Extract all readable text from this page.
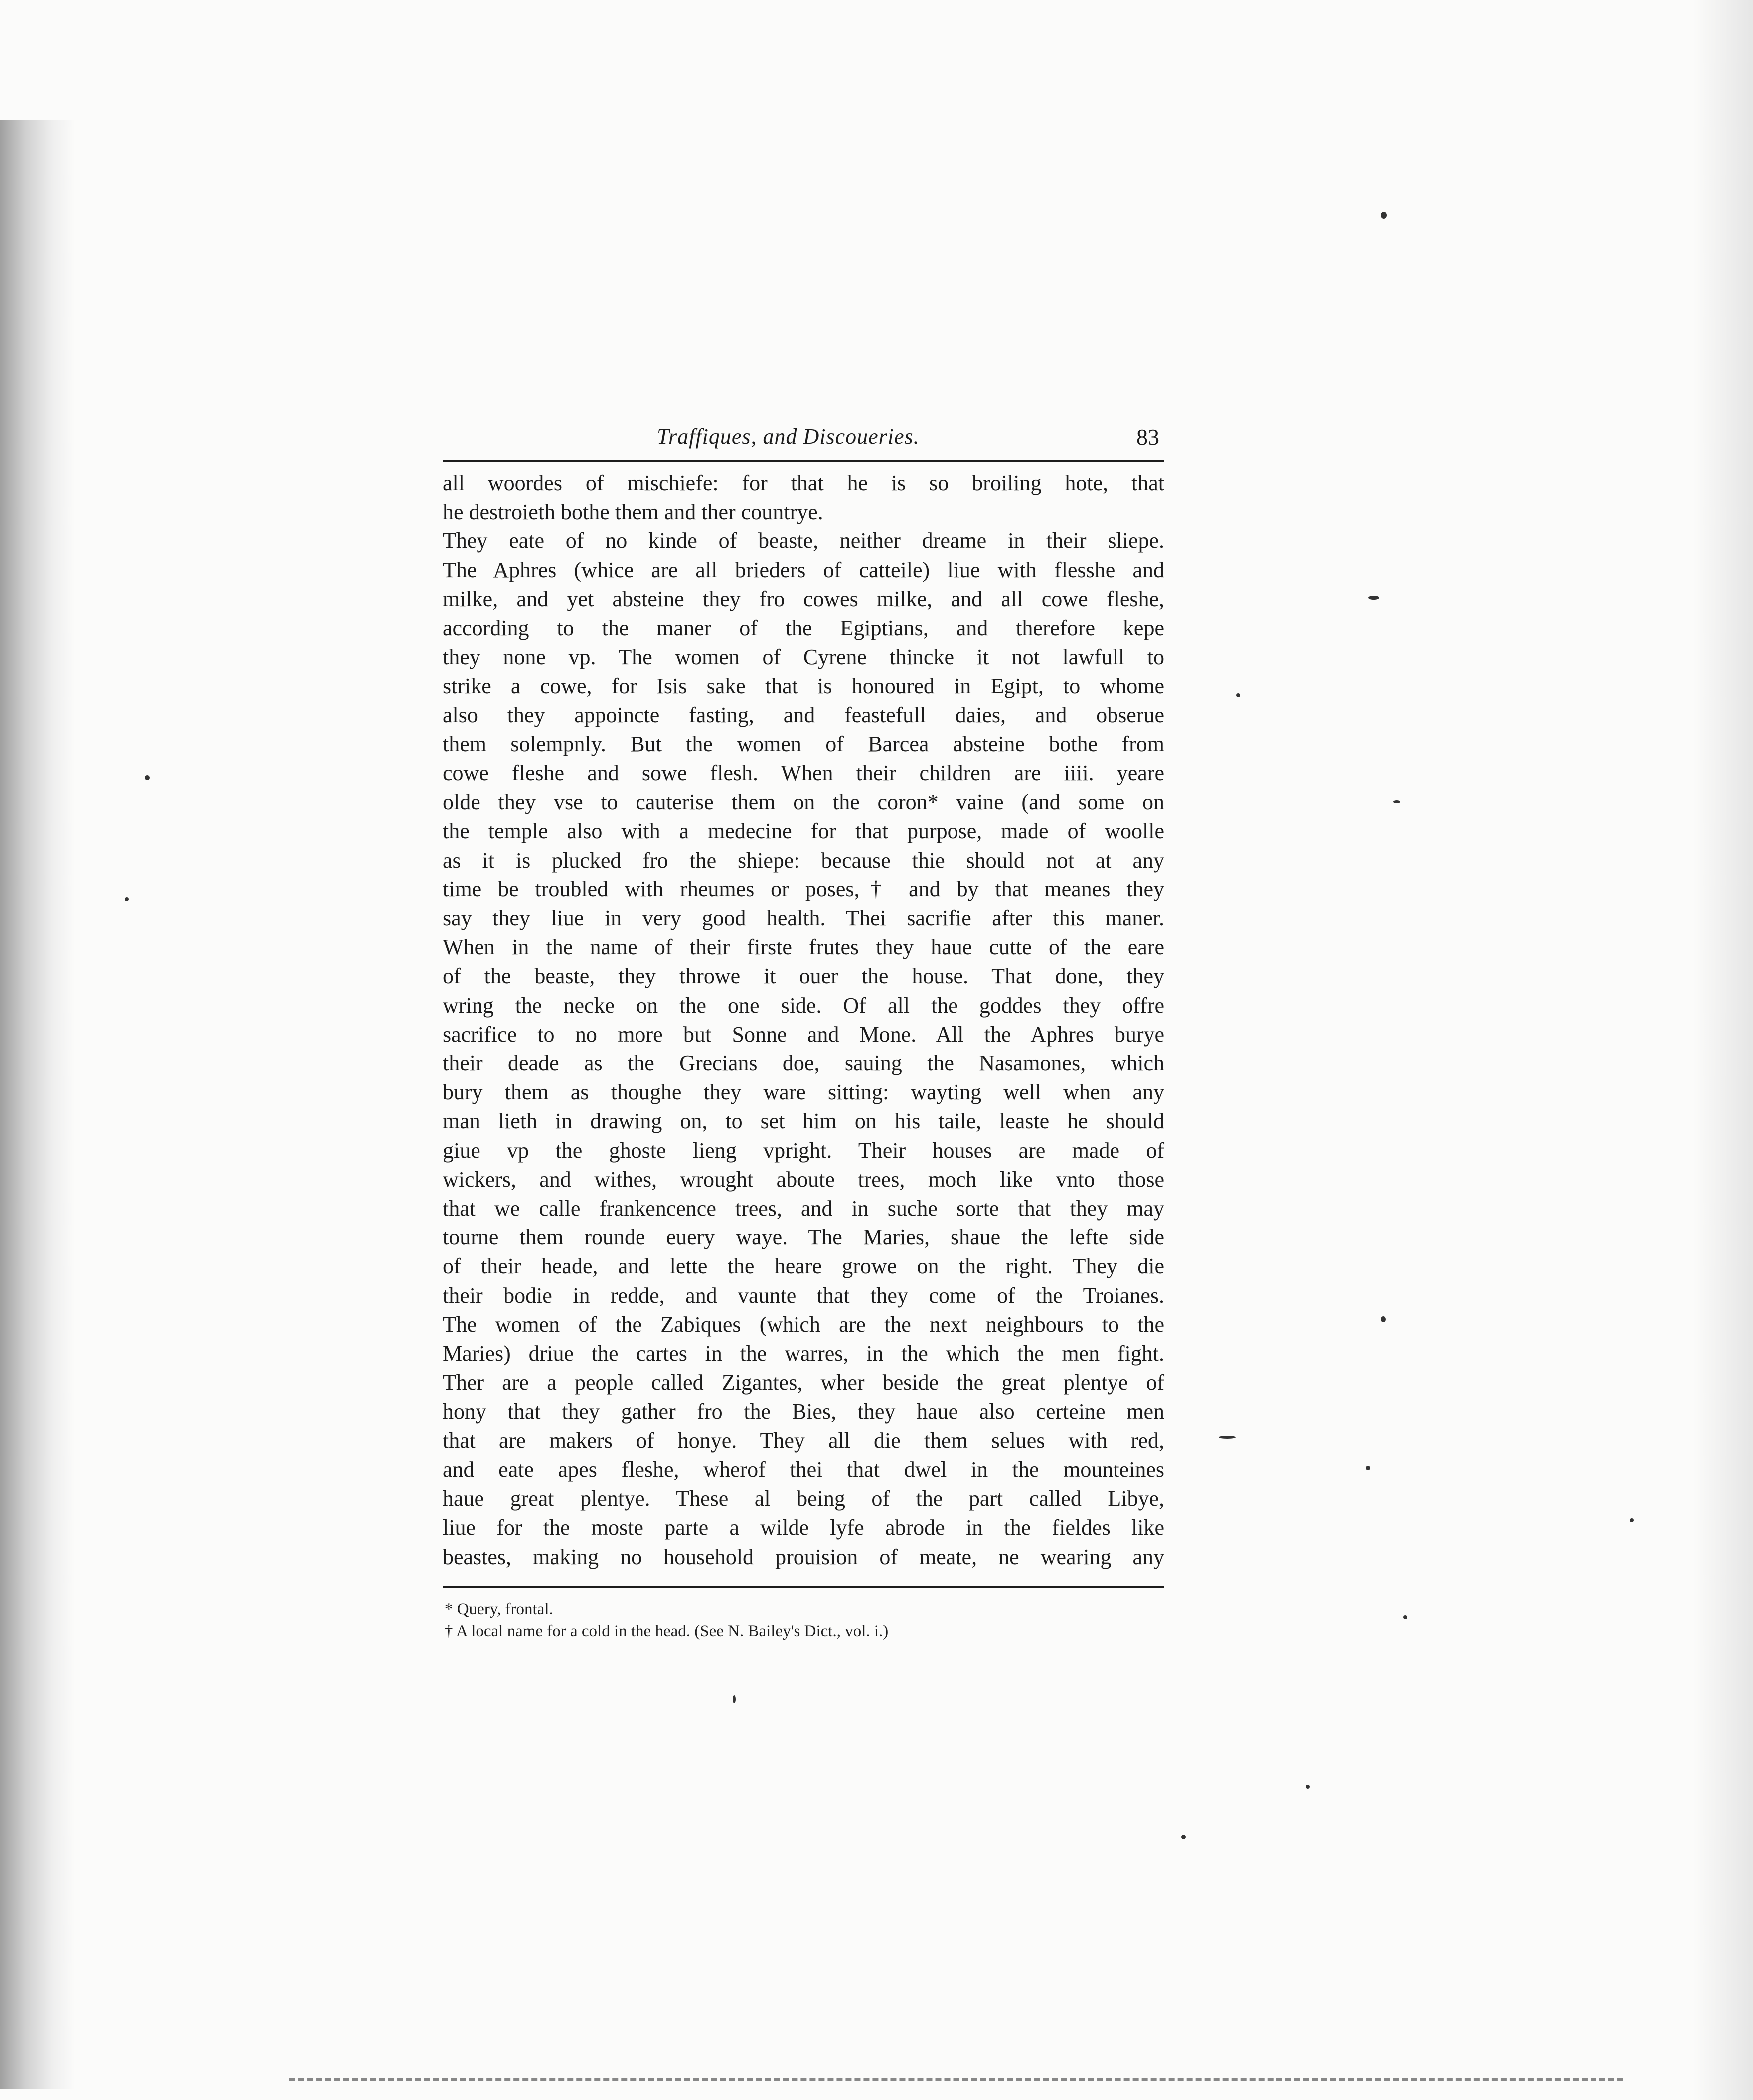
Traffiques, and Discoueries.	83
all woordes of mischiefe: for that he is so broiling hote, that
he destroieth bothe them and ther countrye.
They eate of no kinde of beaste, neither dreame in their sliepe.
The Aphres (whice are all brieders of catteile) liue with flesshe and
milke, and yet absteine they fro cowes milke, and all cowe fleshe,
according to the maner of the Egiptians, and therefore kepe
they none vp. The women of Cyrene thincke it not lawfull to
strike a cowe, for Isis sake that is honoured in Egipt, to whome
also they appoincte fasting, and feastefull daies, and obserue
them solempnly. But the women of Barcea absteine bothe from
cowe fleshe and sowe flesh. When their children are iiii. yeare
olde they vse to cauterise them on the coron* vaine (and some on
the temple also with a medecine for that purpose, made of woolle
as it is plucked fro the shiepe: because thie should not at any
time be troubled with rheumes or poses,† and by that meanes they
say they liue in very good health. Thei sacrifie after this maner.
When in the name of their firste frutes they haue cutte of the eare
of the beaste, they throwe it ouer the house. That done, they
wring the necke on the one side. Of all the goddes they offre
sacrifice to no more but Sonne and Mone. All the Aphres burye
their deade as the Grecians doe, sauing the Nasamones, which
bury them as thoughe they ware sitting: wayting well when any
man lieth in drawing on, to set him on his taile, leaste he should
giue vp the ghoste lieng vpright. Their houses are made of
wickers, and withes, wrought aboute trees, moch like vnto those
that we calle frankencence trees, and in suche sorte that they may
tourne them rounde euery waye. The Maries, shaue the lefte side
of their heade, and lette the heare growe on the right. They die
their bodie in redde, and vaunte that they come of the Troianes.
The women of the Zabiques (which are the next neighbours to the
Maries) driue the cartes in the warres, in the which the men fight.
Ther are a people called Zigantes, wher beside the great plentye of
hony that they gather fro the Bies, they haue also certeine men
that are makers of honye. They all die them selues with red,
and eate apes fleshe, wherof thei that dwel in the mounteines
haue great plentye. These al being of the part called Libye,
liue for the moste parte a wilde lyfe abrode in the fieldes like
beastes, making no household prouision of meate, ne wearing any
* Query, frontal.
† A local name for a cold in the head. (See N. Bailey's Dict., vol. i.)
